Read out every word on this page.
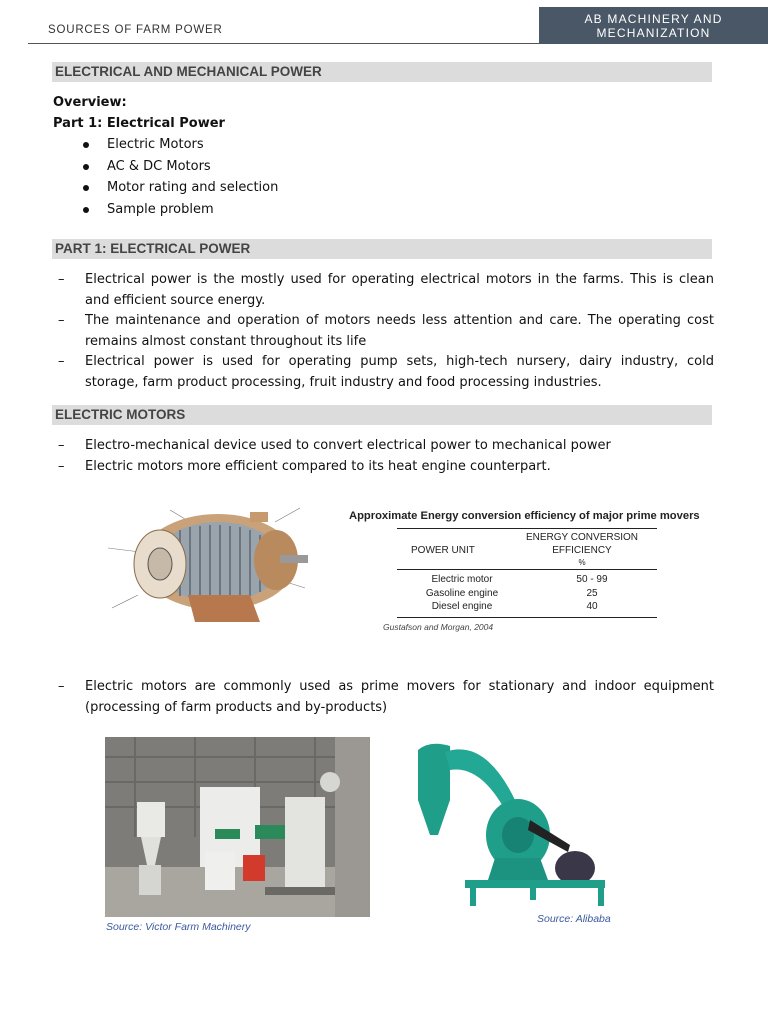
SOURCES OF FARM POWER
AB MACHINERY AND
MECHANIZATION
ELECTRICAL AND MECHANICAL POWER
Overview:
Part 1: Electrical Power
Electric Motors
AC & DC Motors
Motor rating and selection
Sample problem
PART 1: ELECTRICAL POWER
– Electrical power is the mostly used for operating electrical motors in the farms. This is clean and efficient source energy.
– The maintenance and operation of motors needs less attention and care. The operating cost remains almost constant throughout its life
– Electrical power is used for operating pump sets, high-tech nursery, dairy industry, cold storage, farm product processing, fruit industry and food processing industries.
ELECTRIC MOTORS
– Electro-mechanical device used to convert electrical power to mechanical power
– Electric motors more efficient compared to its heat engine counterpart.
Approximate Energy conversion efficiency of major prime movers
POWER UNIT
ENERGY CONVERSION
EFFICIENCY
%
Electric motor	50 - 99
Gasoline engine	25
Diesel engine	40
Gustafson and Morgan, 2004
– Electric motors are commonly used as prime movers for stationary and indoor equipment (processing of farm products and by-products)
Source: Victor Farm Machinery
Source: Alibaba
